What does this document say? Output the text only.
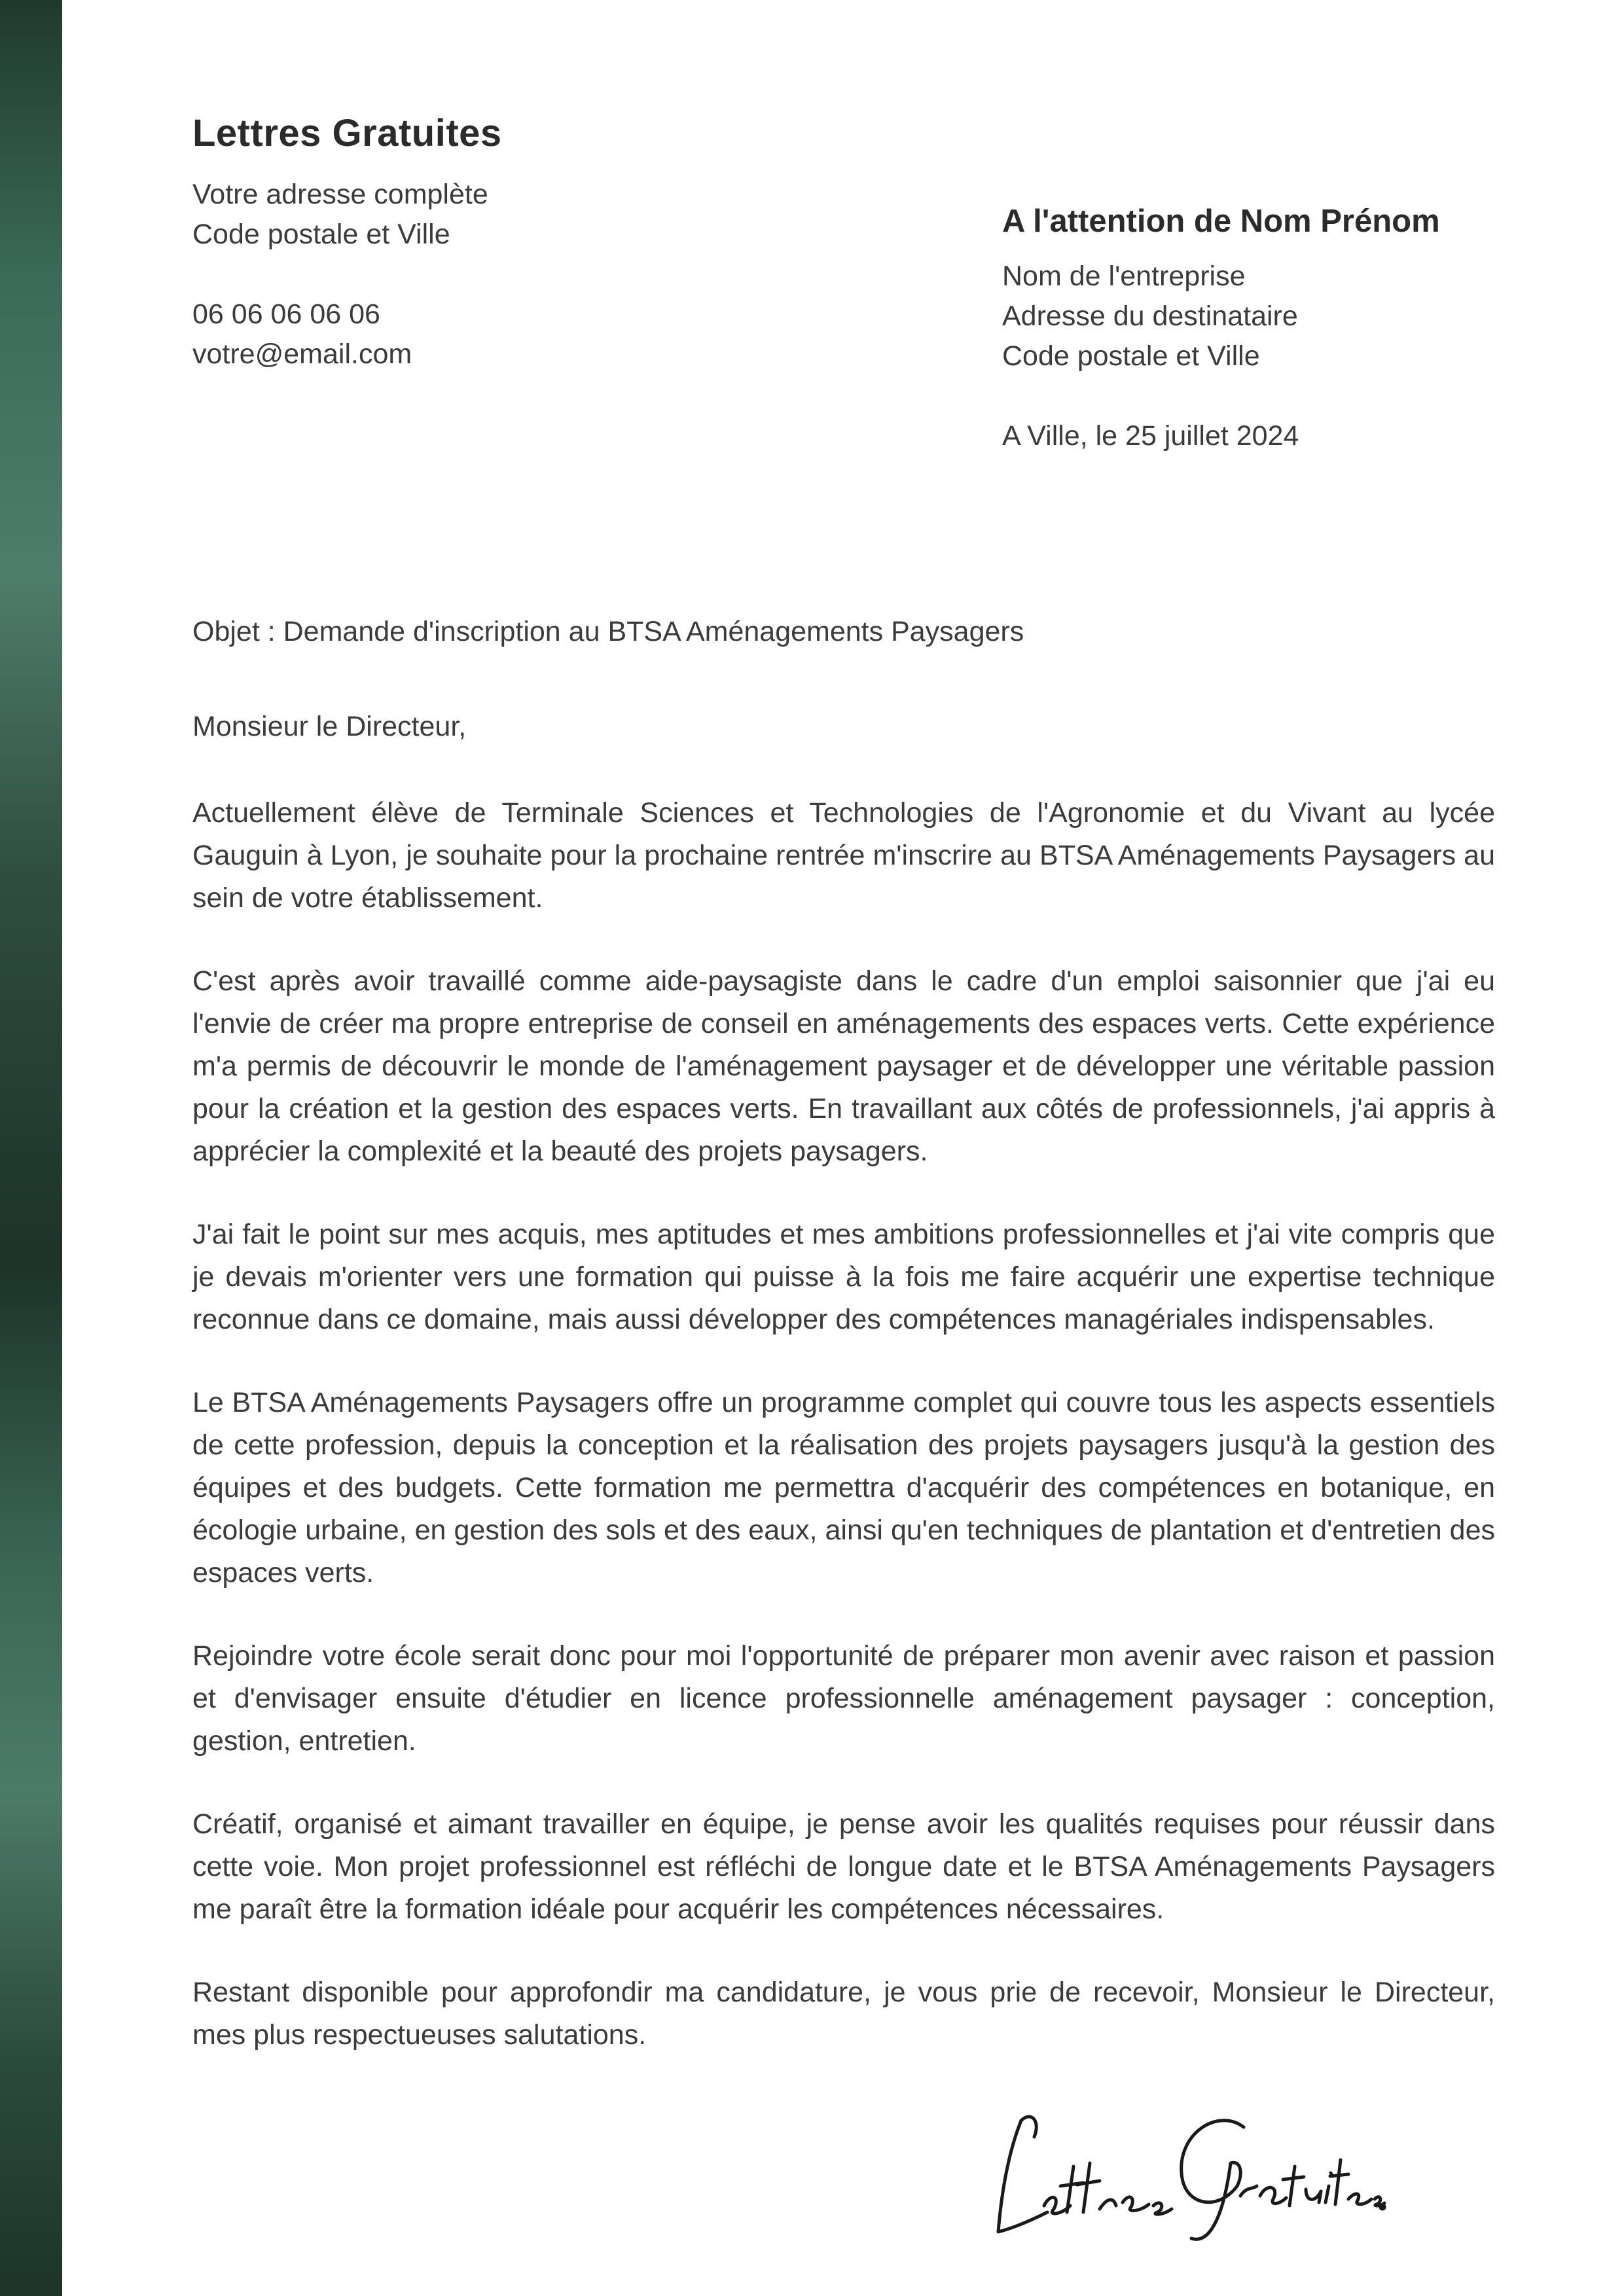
Lettres Gratuites
Votre adresse complète
Code postale et Ville
06 06 06 06 06
votre@email.com
A l'attention de Nom Prénom
Nom de l'entreprise
Adresse du destinataire
Code postale et Ville
A Ville, le 25 juillet 2024
Objet : Demande d'inscription au BTSA Aménagements Paysagers
Monsieur le Directeur,

Actuellement élève de Terminale Sciences et Technologies de l'Agronomie et du Vivant au lycée Gauguin à Lyon, je souhaite pour la prochaine rentrée m'inscrire au BTSA Aménagements Paysagers au sein de votre établissement.

C'est après avoir travaillé comme aide-paysagiste dans le cadre d'un emploi saisonnier que j'ai eu l'envie de créer ma propre entreprise de conseil en aménagements des espaces verts. Cette expérience m'a permis de découvrir le monde de l'aménagement paysager et de développer une véritable passion pour la création et la gestion des espaces verts. En travaillant aux côtés de professionnels, j'ai appris à apprécier la complexité et la beauté des projets paysagers.

J'ai fait le point sur mes acquis, mes aptitudes et mes ambitions professionnelles et j'ai vite compris que je devais m'orienter vers une formation qui puisse à la fois me faire acquérir une expertise technique reconnue dans ce domaine, mais aussi développer des compétences managériales indispensables.

Le BTSA Aménagements Paysagers offre un programme complet qui couvre tous les aspects essentiels de cette profession, depuis la conception et la réalisation des projets paysagers jusqu'à la gestion des équipes et des budgets. Cette formation me permettra d'acquérir des compétences en botanique, en écologie urbaine, en gestion des sols et des eaux, ainsi qu'en techniques de plantation et d'entretien des espaces verts.

Rejoindre votre école serait donc pour moi l'opportunité de préparer mon avenir avec raison et passion et d'envisager ensuite d'étudier en licence professionnelle aménagement paysager : conception, gestion, entretien.

Créatif, organisé et aimant travailler en équipe, je pense avoir les qualités requises pour réussir dans cette voie. Mon projet professionnel est réfléchi de longue date et le BTSA Aménagements Paysagers me paraît être la formation idéale pour acquérir les compétences nécessaires.

Restant disponible pour approfondir ma candidature, je vous prie de recevoir, Monsieur le Directeur, mes plus respectueuses salutations.
